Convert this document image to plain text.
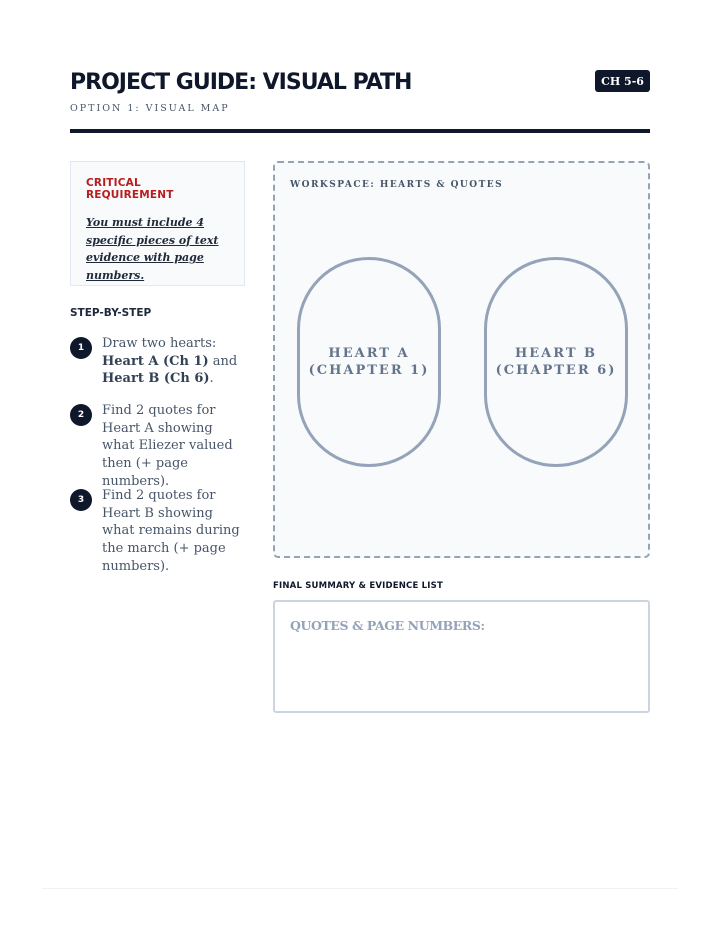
PROJECT GUIDE: VISUAL PATH
OPTION 1: VISUAL MAP
CH 5-6
CRITICAL REQUIREMENT
You must include 4 specific pieces of text evidence with page numbers.
STEP-BY-STEP
1	Draw two hearts: Heart A (Ch 1) and Heart B (Ch 6).
2	Find 2 quotes for Heart A showing what Eliezer valued then (+ page numbers).
3	Find 2 quotes for Heart B showing what remains during the march (+ page numbers).
WORKSPACE: HEARTS & QUOTES
HEART A
(CHAPTER 1)
HEART B
(CHAPTER 6)
FINAL SUMMARY & EVIDENCE LIST
QUOTES & PAGE NUMBERS:
